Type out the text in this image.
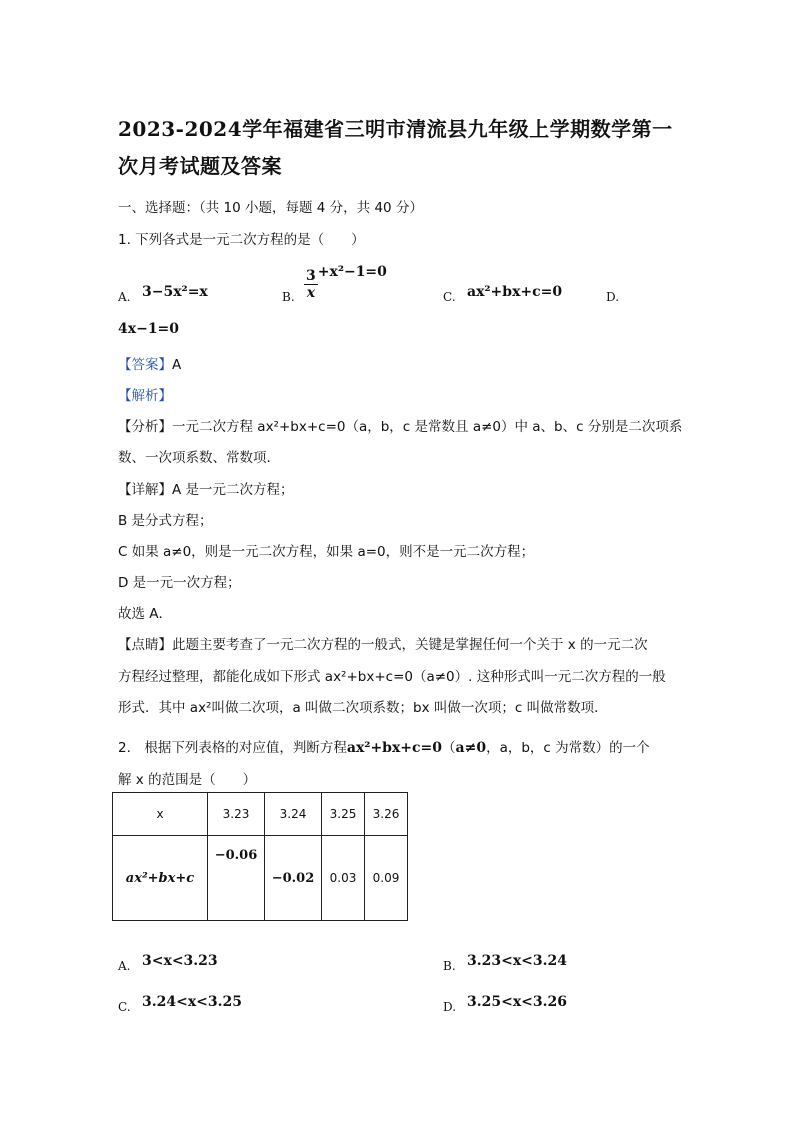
2023-2024学年福建省三明市清流县九年级上学期数学第一
次月考试题及答案
一、选择题：（共 10 小题，每题 4 分，共 40 分）
1. 下列各式是一元二次方程的是（　　）
A. 3−5x²=x	B. $\frac{3}{x} +x^2-1=0$
C. ax²+bx+c=0	D.
4x−1=0
【答案】A
【解析】
【分析】一元二次方程 ax²+bx+c=0（a，b，c 是常数且 a≠0）中 a、b、c 分别是二次项系
数、一次项系数、常数项．
【详解】A 是一元二次方程；
B 是分式方程；
C 如果 a≠0，则是一元二次方程，如果 a=0，则不是一元二次方程；
D 是一元一次方程；
故选 A．
【点睛】此题主要考查了一元二次方程的一般式，关键是掌握任何一个关于 x 的一元二次
方程经过整理，都能化成如下形式 ax²+bx+c=0（a≠0）. 这种形式叫一元二次方程的一般
形式．其中 ax²叫做二次项，a 叫做二次项系数；bx 叫做一次项；c 叫做常数项．
2.　根据下列表格的对应值，判断方程ax²+bx+c=0（a≠0，a，b，c 为常数）的一个
解 x 的范围是（　　）
x	3.23	3.24	3.25	3.26
ax²+bx+c	−0.06	−0.02	0.03	0.09
A. 3<x<3.23	B. 3.23<x<3.24
C. 3.24<x<3.25	D. 3.25<x<3.26
